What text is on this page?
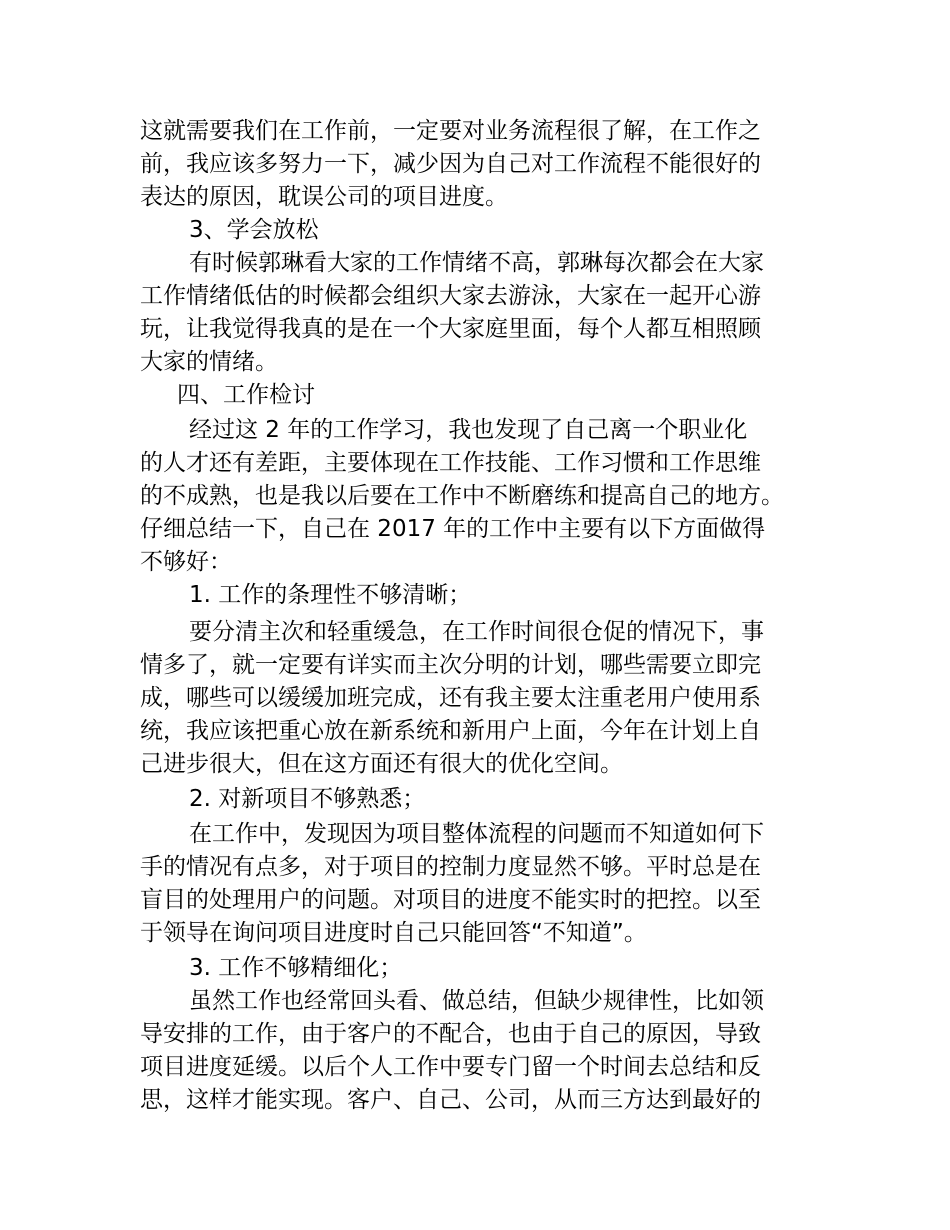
这就需要我们在工作前，一定要对业务流程很了解，在工作之
前，我应该多努力一下，减少因为自己对工作流程不能很好的
表达的原因，耽误公司的项目进度。
3、学会放松
有时候郭琳看大家的工作情绪不高，郭琳每次都会在大家
工作情绪低估的时候都会组织大家去游泳，大家在一起开心游
玩，让我觉得我真的是在一个大家庭里面，每个人都互相照顾
大家的情绪。
四、工作检讨
经过这 2 年的工作学习，我也发现了自己离一个职业化
的人才还有差距，主要体现在工作技能、工作习惯和工作思维
的不成熟，也是我以后要在工作中不断磨练和提高自己的地方。
仔细总结一下，自己在 2017 年的工作中主要有以下方面做得
不够好：
1. 工作的条理性不够清晰；
要分清主次和轻重缓急，在工作时间很仓促的情况下，事
情多了，就一定要有详实而主次分明的计划，哪些需要立即完
成，哪些可以缓缓加班完成，还有我主要太注重老用户使用系
统，我应该把重心放在新系统和新用户上面，今年在计划上自
己进步很大，但在这方面还有很大的优化空间。
2. 对新项目不够熟悉；
在工作中，发现因为项目整体流程的问题而不知道如何下
手的情况有点多，对于项目的控制力度显然不够。平时总是在
盲目的处理用户的问题。对项目的进度不能实时的把控。以至
于领导在询问项目进度时自己只能回答“不知道”。
3. 工作不够精细化；
虽然工作也经常回头看、做总结，但缺少规律性，比如领
导安排的工作，由于客户的不配合，也由于自己的原因，导致
项目进度延缓。以后个人工作中要专门留一个时间去总结和反
思，这样才能实现。客户、自己、公司，从而三方达到最好的
